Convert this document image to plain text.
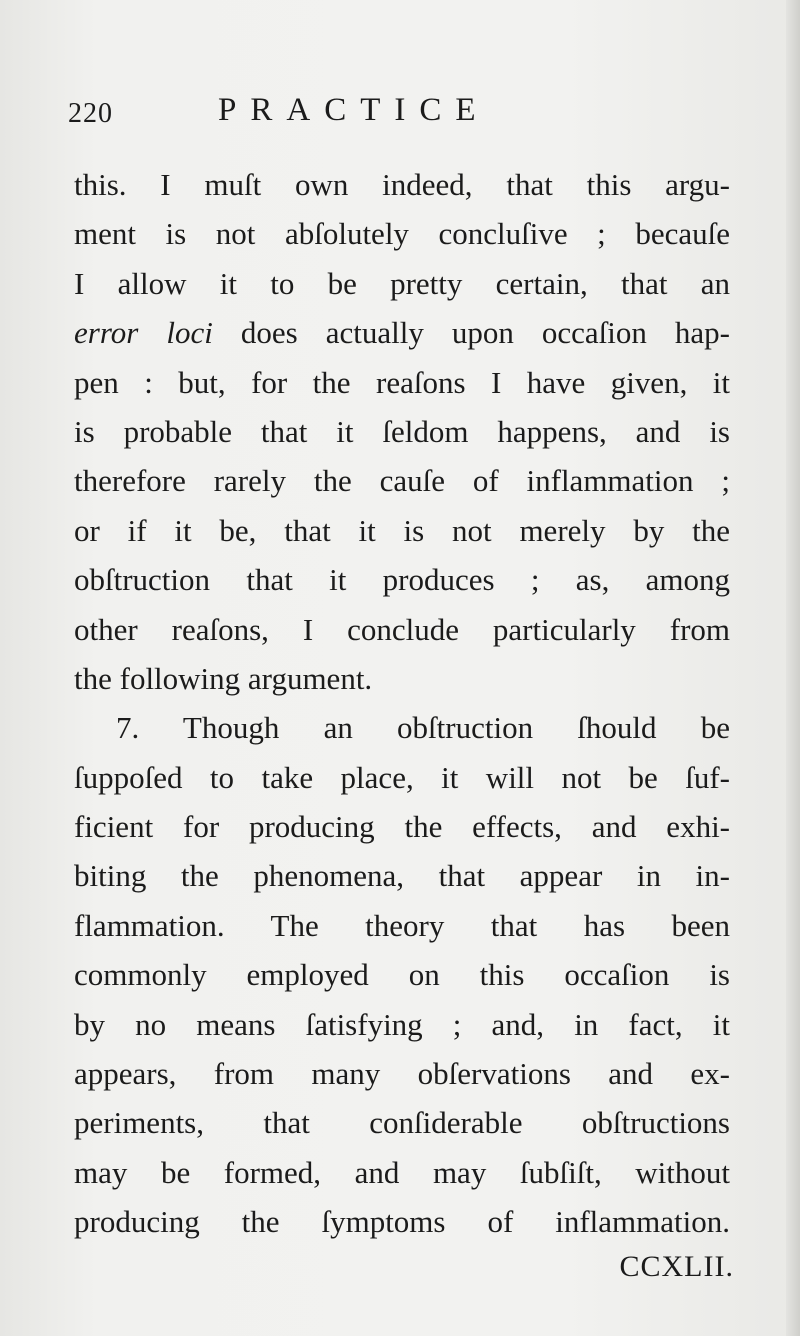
220	PRACTICE
this. I muſt own indeed, that this argu-
ment is not abſolutely concluſive ; becauſe
I allow it to be pretty certain, that an
error loci does actually upon occaſion hap-
pen : but, for the reaſons I have given, it
is probable that it ſeldom happens, and is
therefore rarely the cauſe of inflammation ;
or if it be, that it is not merely by the
obſtruction that it produces ; as, among
other reaſons, I conclude particularly from
the following argument.
7. Though an obſtruction ſhould be
ſuppoſed to take place, it will not be ſuf-
ficient for producing the effects, and exhi-
biting the phenomena, that appear in in-
flammation. The theory that has been
commonly employed on this occaſion is
by no means ſatisfying ; and, in fact, it
appears, from many obſervations and ex-
periments, that conſiderable obſtructions
may be formed, and may ſubſiſt, without
producing the ſymptoms of inflammation.
CCXLII.
